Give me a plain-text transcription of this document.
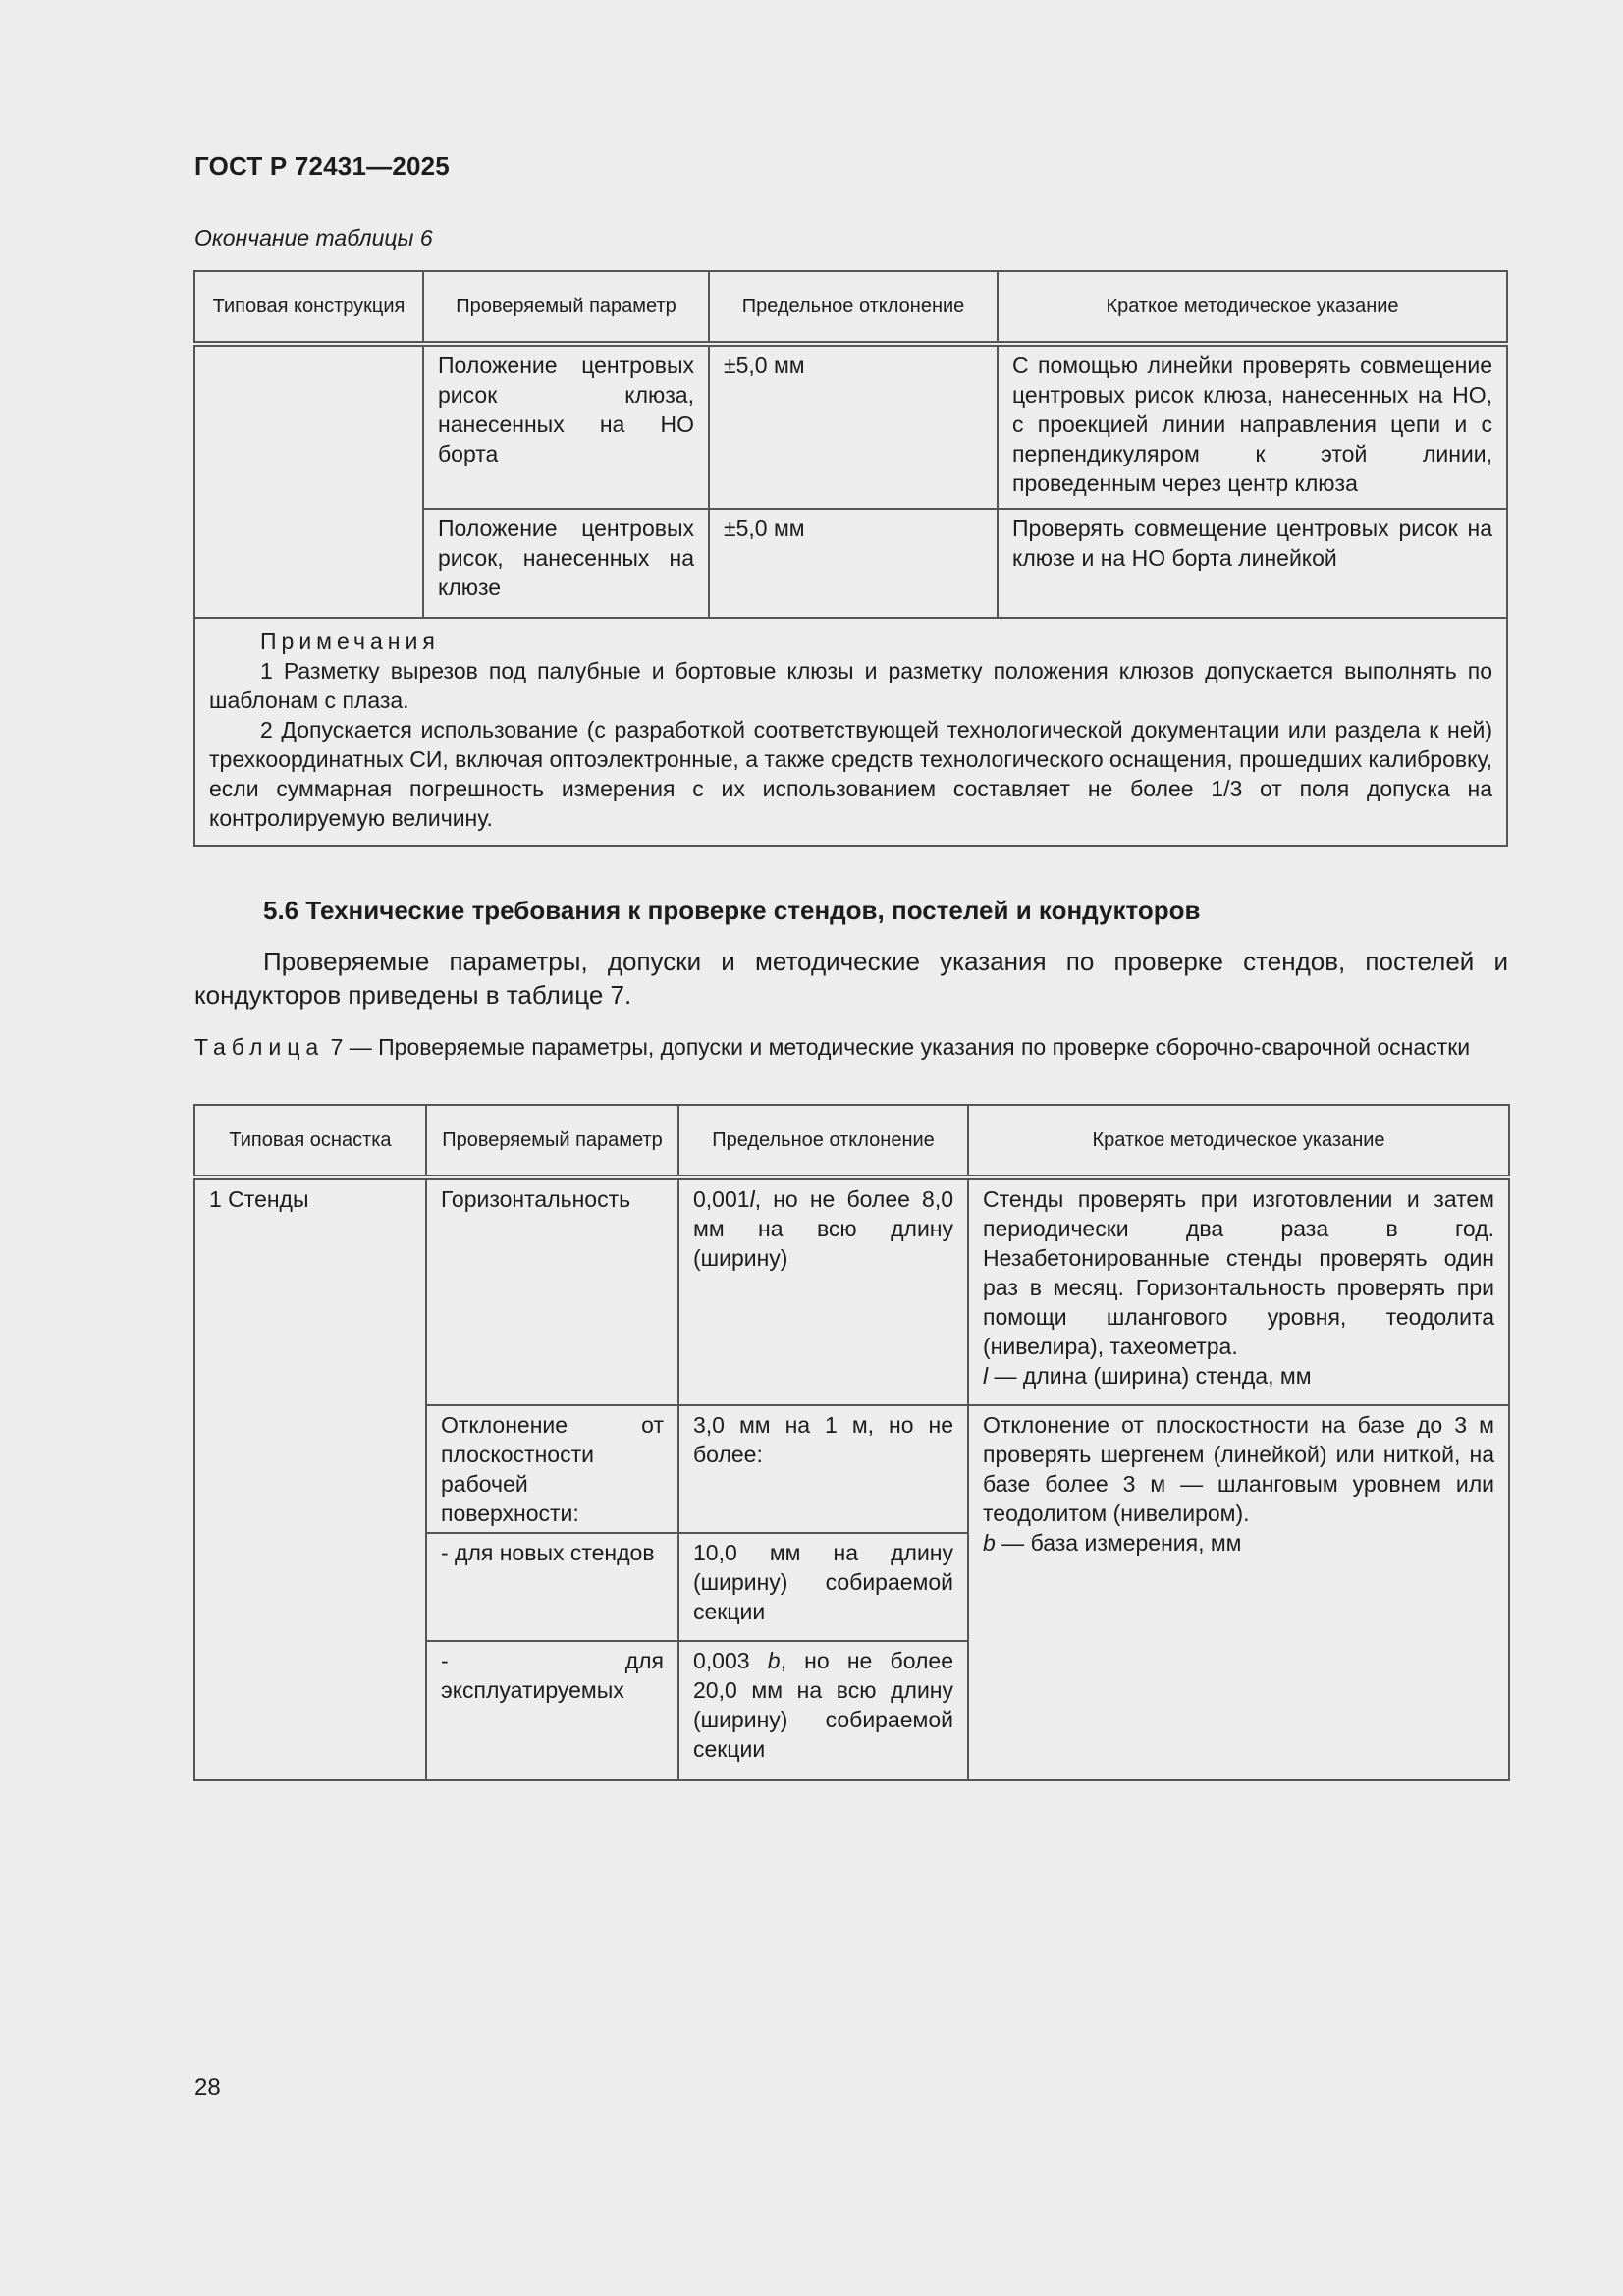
ГОСТ Р 72431—2025
Окончание таблицы 6
Типовая конструкция	Проверяемый параметр	Предельное отклонение	Краткое методическое указание
	Положение центровых рисок клюза, нанесенных на НО борта	±5,0 мм	С помощью линейки проверять совмещение центровых рисок клюза, нанесенных на НО, с проекцией линии направления цепи и с перпендикуляром к этой линии, проведенным через центр клюза
	Положение центровых рисок, нанесенных на клюзе	±5,0 мм	Проверять совмещение центровых рисок на клюзе и на НО борта линейкой

Примечания
1 Разметку вырезов под палубные и бортовые клюзы и разметку положения клюзов допускается выполнять по шаблонам с плаза.
2 Допускается использование (с разработкой соответствующей технологической документации или раздела к ней) трехкоординатных СИ, включая оптоэлектронные, а также средств технологического оснащения, прошедших калибровку, если суммарная погрешность измерения с их использованием составляет не более 1/3 от поля допуска на контролируемую величину.			
5.6 Технические требования к проверке стендов, постелей и кондукторов
Проверяемые параметры, допуски и методические указания по проверке стендов, постелей и кондукторов приведены в таблице 7.
Таблица 7 — Проверяемые параметры, допуски и методические указания по проверке сборочно-сварочной оснастки
Типовая оснастка	Проверяемый параметр	Предельное отклонение	Краткое методическое указание
1 Стенды	Горизонтальность	0,001l, но не более 8,0 мм на всю длину (ширину)	Стенды проверять при изготовлении и затем периодически два раза в год. Незабетонированные стенды проверять один раз в месяц. Горизонтальность проверять при помощи шлангового уровня, теодолита (нивелира), тахеометра.
l — длина (ширина) стенда, мм
	Отклонение от плоскостности рабочей поверхности:	3,0 мм на 1 м, но не более:	Отклонение от плоскостности на базе до 3 м проверять шергенем (линейкой) или ниткой, на базе более 3 м — шланговым уровнем или теодолитом (нивелиром).
b — база измерения, мм
	- для новых стендов	10,0 мм на длину (ширину) собираемой секции	
	- для эксплуатируемых	0,003 b, но не более 20,0 мм на всю длину (ширину) собираемой секции	
28
